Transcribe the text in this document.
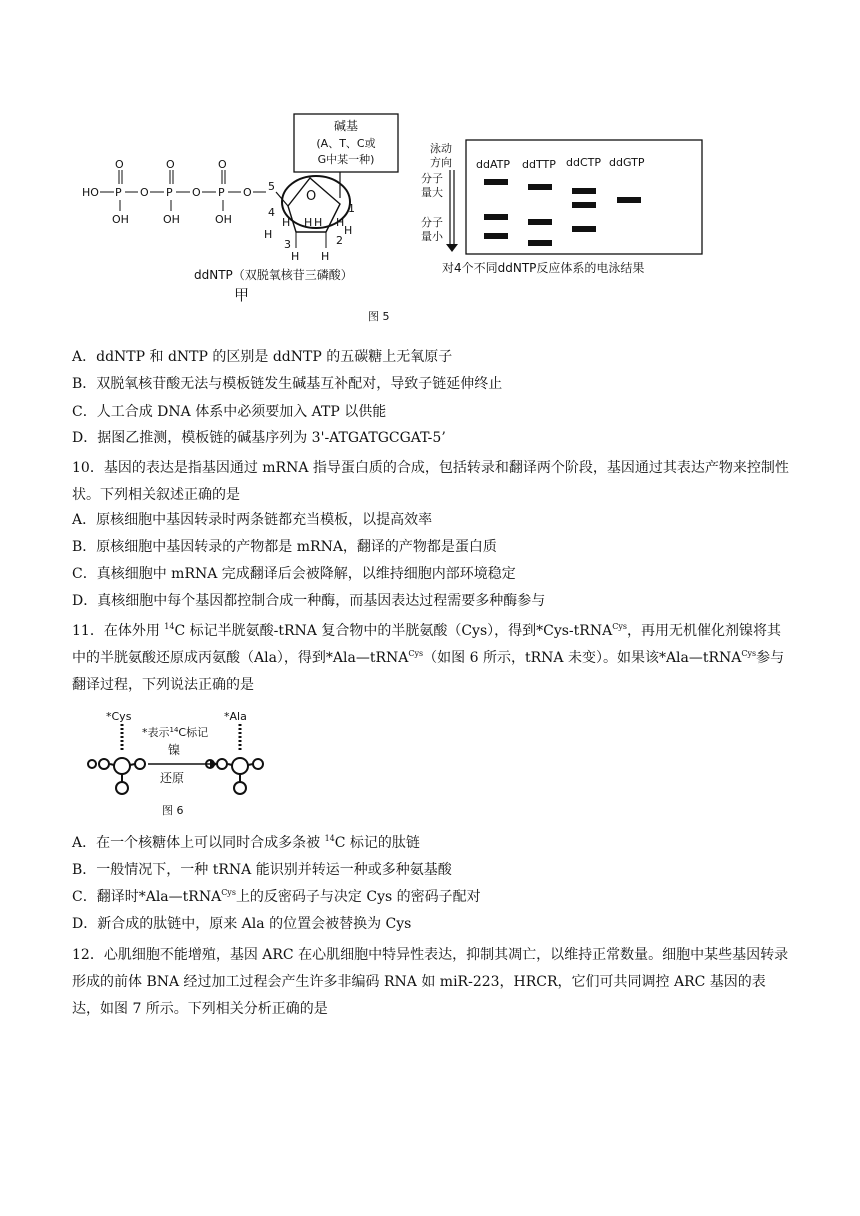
碱基
(A、T、C或
G中某一种)
HO P
O
OH
O P
O
OH
O P
O
OH
O 5
O
4	1
3	2
H H H H
H	H
H H
ddNTP（双脱氧核苷三磷酸）
甲
泳动
方向
分子
量大
分子
量小
ddATP ddTTP ddCTP ddGTP
对4个不同ddNTP反应体系的电泳结果
图 5
A．ddNTP 和 dNTP 的区别是 ddNTP 的五碳糖上无氧原子
B．双脱氧核苷酸无法与模板链发生碱基互补配对，导致子链延伸终止
C．人工合成 DNA 体系中必须要加入 ATP 以供能
D．据图乙推测，模板链的碱基序列为 3'-ATGATGCGAT-5’
10．基因的表达是指基因通过 mRNA 指导蛋白质的合成，包括转录和翻译两个阶段，基因通过其表达产物来控制性状。下列相关叙述正确的是
A．原核细胞中基因转录时两条链都充当模板，以提高效率
B．原核细胞中基因转录的产物都是 mRNA，翻译的产物都是蛋白质
C．真核细胞中 mRNA 完成翻译后会被降解，以维持细胞内部环境稳定
D．真核细胞中每个基因都控制合成一种酶，而基因表达过程需要多种酶参与
11．在体外用 $^{14}$C 标记半胱氨酸-tRNA 复合物中的半胱氨酸（Cys），得到*Cys-tRNA$^{Cys}$，再用无机催化剂镍将其中的半胱氨酸还原成丙氨酸（Ala），得到*Ala—tRNA$^{Cys}$（如图 6 所示，tRNA 未变）。如果该*Ala—tRNA$^{Cys}$参与翻译过程，下列说法正确的是
*Cys	*Ala
*表示$^{14}$C标记
镍
还原
图 6
A．在一个核糖体上可以同时合成多条被 $^{14}$C 标记的肽链
B．一般情况下，一种 tRNA 能识别并转运一种或多种氨基酸
C．翻译时*Ala—tRNA$^{Cys}$上的反密码子与决定 Cys 的密码子配对
D．新合成的肽链中，原来 Ala 的位置会被替换为 Cys
12．心肌细胞不能增殖，基因 ARC 在心肌细胞中特异性表达，抑制其凋亡，以维持正常数量。细胞中某些基因转录形成的前体 BNA 经过加工过程会产生许多非编码 RNA 如 miR-223，HRCR，它们可共同调控 ARC 基因的表达，如图 7 所示。下列相关分析正确的是
